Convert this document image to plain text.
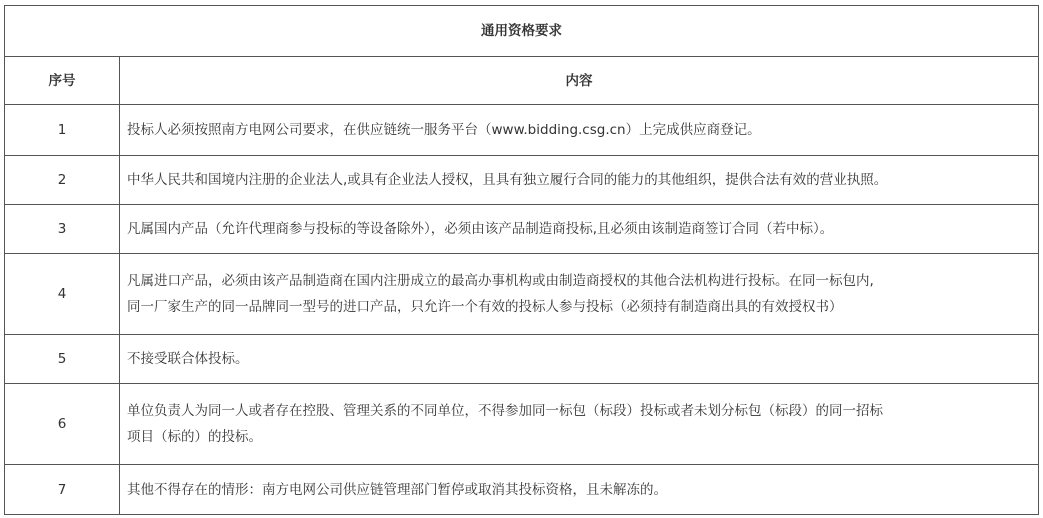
通用资格要求	
序号	内容
1	投标人必须按照南方电网公司要求，在供应链统一服务平台（www.bidding.csg.cn）上完成供应商登记。

2	中华人民共和国境内注册的企业法人,或具有企业法人授权，且具有独立履行合同的能力的其他组织，提供合法有效的营业执照。

3	凡属国内产品（允许代理商参与投标的等设备除外），必须由该产品制造商投标,且必须由该制造商签订合同（若中标）。

4	凡属进口产品，必须由该产品制造商在国内注册成立的最高办事机构或由制造商授权的其他合法机构进行投标。在同一标包内,
同一厂家生产的同一品牌同一型号的进口产品，只允许一个有效的投标人参与投标（必须持有制造商出具的有效授权书）

5	不接受联合体投标。

6	单位负责人为同一人或者存在控股、管理关系的不同单位，不得参加同一标包（标段）投标或者未划分标包（标段）的同一招标
项目（标的）的投标。

7	其他不得存在的情形：南方电网公司供应链管理部门暂停或取消其投标资格，且未解冻的。
